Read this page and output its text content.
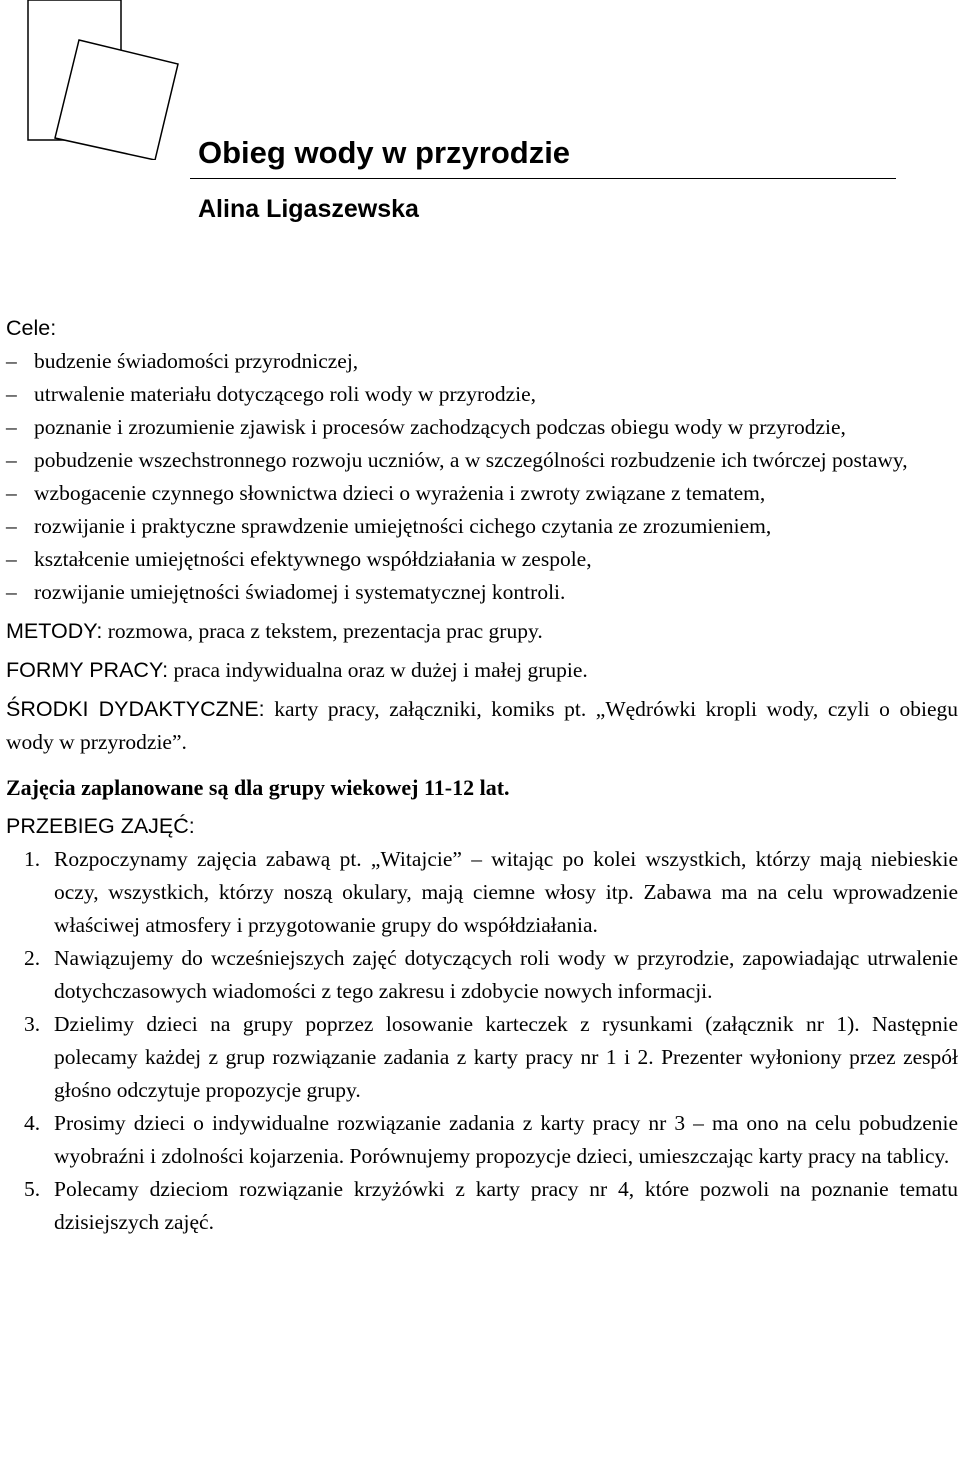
Obieg wody w przyrodzie
Alina Ligaszewska
Cele:
– budzenie świadomości przyrodniczej,
– utrwalenie materiału dotyczącego roli wody w przyrodzie,
– poznanie i zrozumienie zjawisk i procesów zachodzących podczas obiegu wody w przyrodzie,
– pobudzenie wszechstronnego rozwoju uczniów, a w szczególności rozbudzenie ich twórczej postawy,
– wzbogacenie czynnego słownictwa dzieci o wyrażenia i zwroty związane z tematem,
– rozwijanie i praktyczne sprawdzenie umiejętności cichego czytania ze zrozumieniem,
– kształcenie umiejętności efektywnego współdziałania w zespole,
– rozwijanie umiejętności świadomej i systematycznej kontroli.

METODY: rozmowa, praca z tekstem, prezentacja prac grupy.

FORMY PRACY: praca indywidualna oraz w dużej i małej grupie.

ŚRODKI DYDAKTYCZNE: karty pracy, załączniki, komiks pt. „Wędrówki kropli wody, czyli o obiegu wody w przyrodzie”.

Zajęcia zaplanowane są dla grupy wiekowej 11-12 lat.

PRZEBIEG ZAJĘĆ:

1. Rozpoczynamy zajęcia zabawą pt. „Witajcie” – witając po kolei wszystkich, którzy mają niebieskie oczy, wszystkich, którzy noszą okulary, mają ciemne włosy itp. Zabawa ma na celu wprowadzenie właściwej atmosfery i przygotowanie grupy do współdziałania.
2. Nawiązujemy do wcześniejszych zajęć dotyczących roli wody w przyrodzie, zapowiadając utrwalenie dotychczasowych wiadomości z tego zakresu i zdobycie nowych informacji.
3. Dzielimy dzieci na grupy poprzez losowanie karteczek z rysunkami (załącznik nr 1). Następnie polecamy każdej z grup rozwiązanie zadania z karty pracy nr 1 i 2. Prezenter wyłoniony przez zespół głośno odczytuje propozycje grupy.
4. Prosimy dzieci o indywidualne rozwiązanie zadania z karty pracy nr 3 – ma ono na celu pobudzenie wyobraźni i zdolności kojarzenia. Porównujemy propozycje dzieci, umieszczając karty pracy na tablicy.
5. Polecamy dzieciom rozwiązanie krzyżówki z karty pracy nr 4, które pozwoli na poznanie tematu dzisiejszych zajęć.
